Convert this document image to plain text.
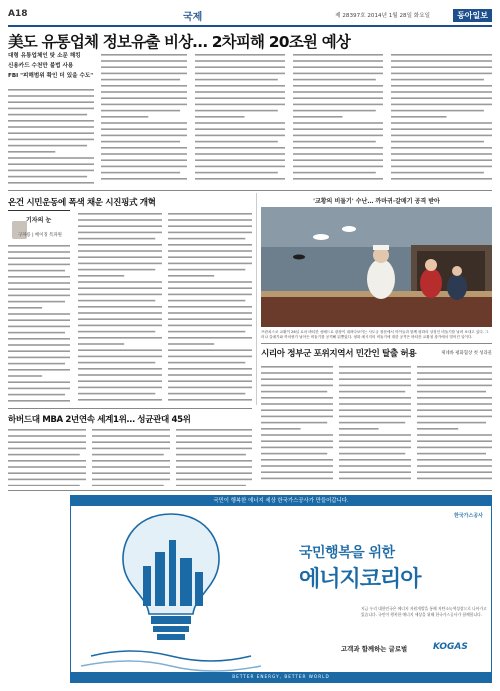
A18	국제	제 28397호 2014년 1월 28일 화요일	동아일보
美도 유통업체 정보유출 비상… 2차피해 20조원 예상
대형 유통업체인 탓 소문 해킹
신용카드 수천만 불법 사용
FBI "피해범위 확인 더 있을 수도"
온건 시민운동에 폭색 채운 시진핑式 개혁
기자의 눈
구자룡 | 베이징 특파원
'교황의 비둘기' 수난… 까마귀·갈매기 공격 받아
프란치스코 교황이 26일 로마 바티칸 성베드로 광장이 내려다보이는 사도궁 창문에서 아이들과 함께 평화의 상징인 비둘기를 날려 보내고 있다. 그러나 갈매기와 까마귀가 날아든 비둘기를 공격해 뒤쫓았다. 평화 메시지의 비둘기에 대한 공격은 바티칸 교황청 창가에서 벌어진 일이다.
시리아 정부군 포위지역서 민간인 탈출 허용	제네바 평화협상 첫 성과물
하버드대 MBA 2년연속 세계1위… 성균관대 45위
국민이 행복한 에너지 세상 한국가스공사가 만들어갑니다.
한국가스공사
국민행복을 위한
에너지코리아
지금 우리 대한민국은 에너지 자원개발을 통해 저탄소녹색성장으로 나아가고 있습니다. 국민이 행복한 에너지 세상을 위해 한국가스공사가 함께합니다.
고객과 함께하는 글로벌	KOGAS
BETTER ENERGY, BETTER WORLD
